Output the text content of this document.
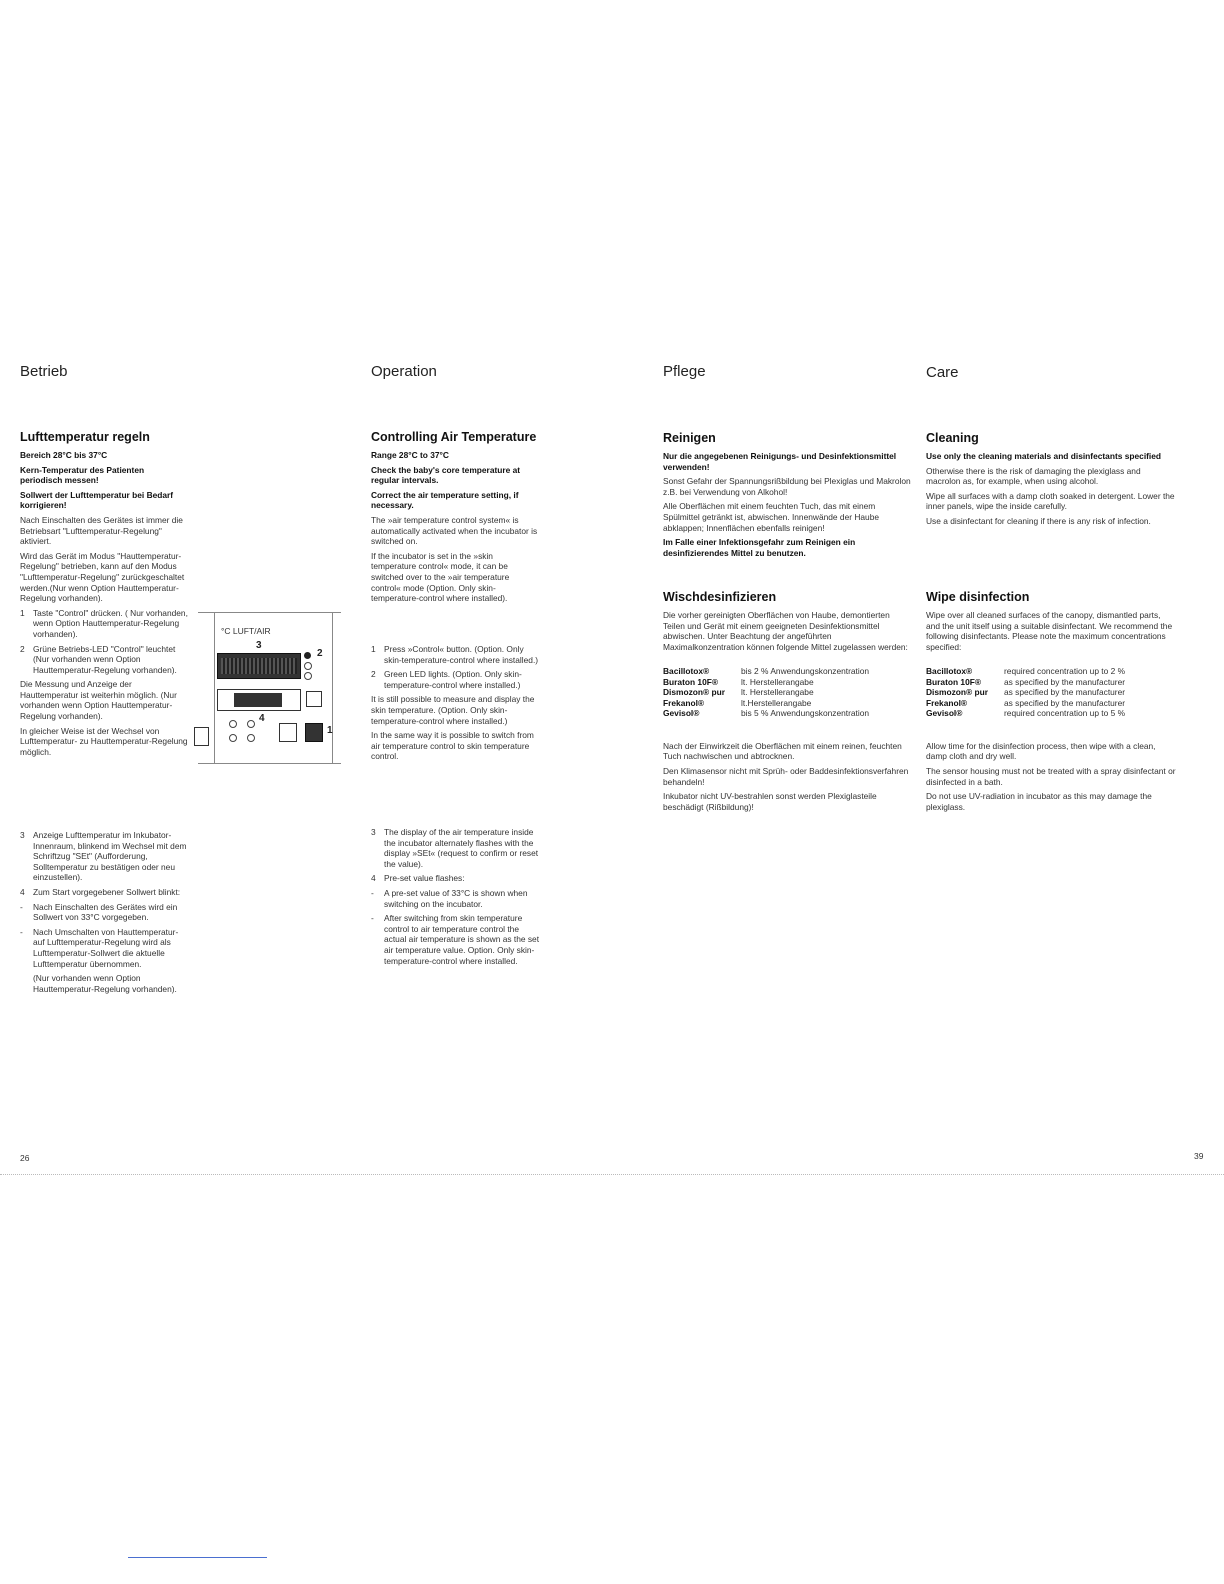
Betrieb	Operation	Pflege	Care
Lufttemperatur regeln

Bereich 28°C bis 37°C

Kern-Temperatur des Patienten periodisch messen!

Sollwert der Lufttemperatur bei Bedarf korrigieren!

Nach Einschalten des Gerätes ist immer die Betriebsart "Lufttemperatur-Regelung" aktiviert.

Wird das Gerät im Modus "Hauttemperatur-Regelung" betrieben, kann auf den Modus "Lufttemperatur-Regelung" zurückgeschaltet werden.(Nur wenn Option Hauttemperatur-Regelung vorhanden).

1 Taste "Control" drücken. ( Nur vorhanden, wenn Option Hauttemperatur-Regelung vorhanden).
2 Grüne Betriebs-LED "Control" leuchtet (Nur vorhanden wenn Option Hauttemperatur-Regelung vorhanden).

Die Messung und Anzeige der Hauttemperatur ist weiterhin möglich. (Nur vorhanden wenn Option Hauttemperatur-Regelung vorhanden).

In gleicher Weise ist der Wechsel von Lufttemperatur- zu Hauttemperatur-Regelung möglich.

3 Anzeige Lufttemperatur im Inkubator-Innenraum, blinkend im Wechsel mit dem Schriftzug "SEt" (Aufforderung, Solltemperatur zu bestätigen oder neu einzustellen).
4 Zum Start vorgegebener Sollwert blinkt:
-	Nach Einschalten des Gerätes wird ein Sollwert von 33°C vorgegeben.
-	Nach Umschalten von Hauttemperatur- auf Lufttemperatur-Regelung wird als Lufttemperatur-Sollwert die aktuelle Lufttemperatur übernommen.
(Nur vorhanden wenn Option Hauttemperatur-Regelung vorhanden).
°C LUFT/AIR
3
2
4
1
Controlling Air Temperature

Range 28°C to 37°C

Check the baby's core temperature at regular intervals.

Correct the air temperature setting, if necessary.

The »air temperature control system« is automatically activated when the incubator is switched on.

If the incubator is set in the »skin temperature control« mode, it can be switched over to the »air temperature control« mode (Option. Only skin-temperature-control where installed).

1 Press »Control« button. (Option. Only skin-temperature-control where installed.)
2 Green LED lights. (Option. Only skin-temperature-control where installed.)

It is still possible to measure and display the skin temperature. (Option. Only skin-temperature-control where installed.)

In the same way it is possible to switch from air temperature control to skin temperature control.

3 The display of the air temperature inside the incubator alternately flashes with the display »SEt« (request to confirm or reset the value).
4 Pre-set value flashes:
-	A pre-set value of 33°C is shown when switching on the incubator.
-	After switching from skin temperature control to air temperature control the actual air temperature is shown as the set air temperature value. Option. Only skin-temperature-control where installed.
Reinigen

Nur die angegebenen Reinigungs- und Desinfektionsmittel verwenden!

Sonst Gefahr der Spannungsrißbildung bei Plexiglas und Makrolon z.B. bei Verwendung von Alkohol!

Alle Oberflächen mit einem feuchten Tuch, das mit einem Spülmittel getränkt ist, abwischen. Innenwände der Haube abklappen; Innenflächen ebenfalls reinigen!

Im Falle einer Infektionsgefahr zum Reinigen ein desinfizierendes Mittel zu benutzen.

Wischdesinfizieren

Die vorher gereinigten Oberflächen von Haube, demontierten Teilen und Gerät mit einem geeigneten Desinfektionsmittel abwischen. Unter Beachtung der angeführten Maximalkonzentration können folgende Mittel zugelassen werden:

Bacillotox®	bis 2 % Anwendungskonzentration
Buraton 10F®	lt. Herstellerangabe
Dismozon® pur	lt. Herstellerangabe
Frekanol®	lt.Herstellerangabe
Gevisol®	bis 5 % Anwendungskonzentration

Nach der Einwirkzeit die Oberflächen mit einem reinen, feuchten Tuch nachwischen und abtrocknen.

Den Klimasensor nicht mit Sprüh- oder Baddesinfektionsverfahren behandeln!

Inkubator nicht UV-bestrahlen sonst werden Plexiglasteile beschädigt (Rißbildung)!

Cleaning

Use only the cleaning materials and disinfectants specified

Otherwise there is the risk of damaging the plexiglass and macrolon as, for example, when using alcohol.

Wipe all surfaces with a damp cloth soaked in detergent. Lower the inner panels, wipe the inside carefully.

Use a disinfectant for cleaning if there is any risk of infection.

Wipe disinfection

Wipe over all cleaned surfaces of the canopy, dismantled parts, and the unit itself using a suitable disinfectant. We recommend the following disinfectants. Please note the maximum concentrations specified:

Bacillotox®	required concentration up to 2 %
Buraton 10F®	as specified by the manufacturer
Dismozon® pur	as specified by the manufacturer
Frekanol®	as specified by the manufacturer
Gevisol®	required concentration up to 5 %

Allow time for the disinfection process, then wipe with a clean, damp cloth and dry well.

The sensor housing must not be treated with a spray disinfectant or disinfected in a bath.

Do not use UV-radiation in incubator as this may damage the plexiglass.

26	39
